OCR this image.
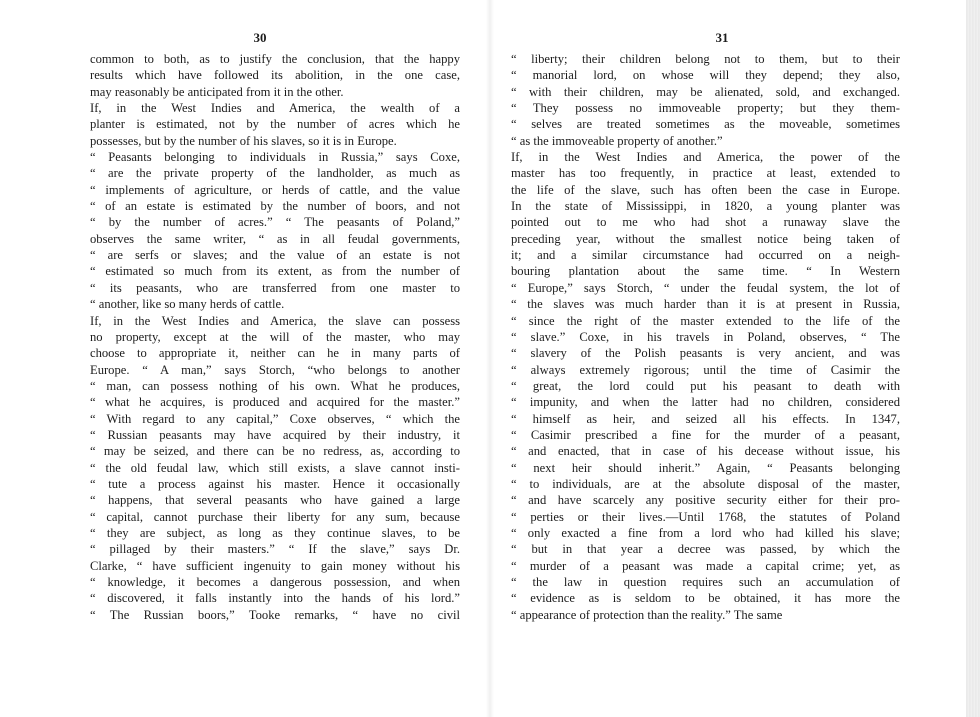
30
common to both, as to justify the conclusion, that the happy
results which have followed its abolition, in the one case,
may reasonably be anticipated from it in the other.
If, in the West Indies and America, the wealth of a
planter is estimated, not by the number of acres which he
possesses, but by the number of his slaves, so it is in Europe.
“ Peasants belonging to individuals in Russia,” says Coxe,
“ are the private property of the landholder, as much as
“ implements of agriculture, or herds of cattle, and the value
“ of an estate is estimated by the number of boors, and not
“ by the number of acres.” “ The peasants of Poland,”
observes the same writer, “ as in all feudal governments,
“ are serfs or slaves; and the value of an estate is not
“ estimated so much from its extent, as from the number of
“ its peasants, who are transferred from one master to
“ another, like so many herds of cattle.
If, in the West Indies and America, the slave can possess
no property, except at the will of the master, who may
choose to appropriate it, neither can he in many parts of
Europe. “ A man,” says Storch, “who belongs to another
“ man, can possess nothing of his own. What he produces,
“ what he acquires, is produced and acquired for the master.”
“ With regard to any capital,” Coxe observes, “ which the
“ Russian peasants may have acquired by their industry, it
“ may be seized, and there can be no redress, as, according to
“ the old feudal law, which still exists, a slave cannot insti-
“ tute a process against his master. Hence it occasionally
“ happens, that several peasants who have gained a large
“ capital, cannot purchase their liberty for any sum, because
“ they are subject, as long as they continue slaves, to be
“ pillaged by their masters.” “ If the slave,” says Dr.
Clarke, “ have sufficient ingenuity to gain money without his
“ knowledge, it becomes a dangerous possession, and when
“ discovered, it falls instantly into the hands of his lord.”
“ The Russian boors,” Tooke remarks, “ have no civil
31
“ liberty; their children belong not to them, but to their
“ manorial lord, on whose will they depend; they also,
“ with their children, may be alienated, sold, and exchanged.
“ They possess no immoveable property; but they them-
“ selves are treated sometimes as the moveable, sometimes
“ as the immoveable property of another.”
If, in the West Indies and America, the power of the
master has too frequently, in practice at least, extended to
the life of the slave, such has often been the case in Europe.
In the state of Mississippi, in 1820, a young planter was
pointed out to me who had shot a runaway slave the
preceding year, without the smallest notice being taken of
it; and a similar circumstance had occurred on a neigh-
bouring plantation about the same time. “ In Western
“ Europe,” says Storch, “ under the feudal system, the lot of
“ the slaves was much harder than it is at present in Russia,
“ since the right of the master extended to the life of the
“ slave.” Coxe, in his travels in Poland, observes, “ The
“ slavery of the Polish peasants is very ancient, and was
“ always extremely rigorous; until the time of Casimir the
“ great, the lord could put his peasant to death with
“ impunity, and when the latter had no children, considered
“ himself as heir, and seized all his effects. In 1347,
“ Casimir prescribed a fine for the murder of a peasant,
“ and enacted, that in case of his decease without issue, his
“ next heir should inherit.” Again, “ Peasants belonging
“ to individuals, are at the absolute disposal of the master,
“ and have scarcely any positive security either for their pro-
“ perties or their lives.—Until 1768, the statutes of Poland
“ only exacted a fine from a lord who had killed his slave;
“ but in that year a decree was passed, by which the
“ murder of a peasant was made a capital crime; yet, as
“ the law in question requires such an accumulation of
“ evidence as is seldom to be obtained, it has more the
“ appearance of protection than the reality.” The same
